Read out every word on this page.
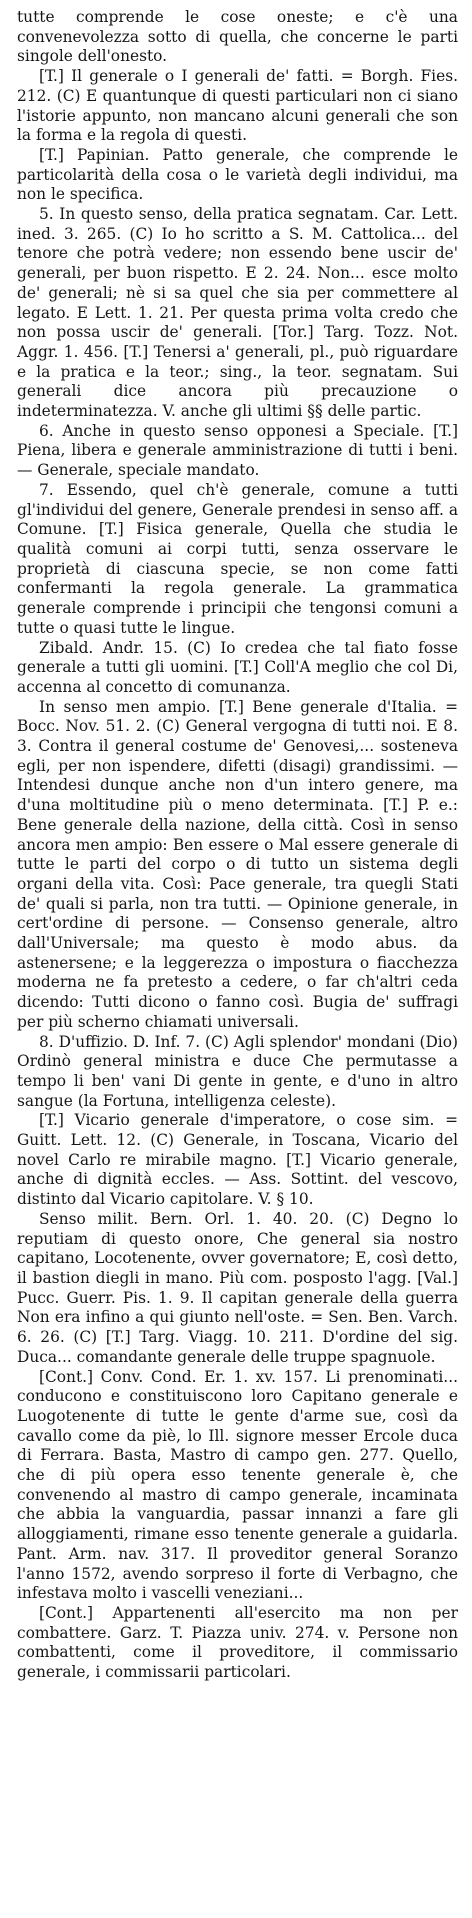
tutte comprende le cose oneste; e c'è una convenevolezza sotto di quella, che concerne le parti singole dell'onesto.

[T.] Il generale o I generali de' fatti. = Borgh. Fies. 212. (C) E quantunque di questi particulari non ci siano l'istorie appunto, non mancano alcuni generali che son la forma e la regola di questi.

[T.] Papinian. Patto generale, che comprende le particolarità della cosa o le varietà degli individui, ma non le specifica.

5. In questo senso, della pratica segnatam. Car. Lett. ined. 3. 265. (C) Io ho scritto a S. M. Cattolica... del tenore che potrà vedere; non essendo bene uscir de' generali, per buon rispetto. E 2. 24. Non... esce molto de' generali; nè si sa quel che sia per commettere al legato. E Lett. 1. 21. Per questa prima volta credo che non possa uscir de' generali. [Tor.] Targ. Tozz. Not. Aggr. 1. 456. [T.] Tenersi a' generali, pl., può riguardare e la pratica e la teor.; sing., la teor. segnatam. Sui generali dice ancora più precauzione o indeterminatezza. V. anche gli ultimi §§ delle partic.

6. Anche in questo senso opponesi a Speciale. [T.] Piena, libera e generale amministrazione di tutti i beni. — Generale, speciale mandato.

7. Essendo, quel ch'è generale, comune a tutti gl'individui del genere, Generale prendesi in senso aff. a Comune. [T.] Fisica generale, Quella che studia le qualità comuni ai corpi tutti, senza osservare le proprietà di ciascuna specie, se non come fatti confermanti la regola generale. La grammatica generale comprende i principii che tengonsi comuni a tutte o quasi tutte le lingue.

Zibald. Andr. 15. (C) Io credea che tal fiato fosse generale a tutti gli uomini. [T.] Coll'A meglio che col Di, accenna al concetto di comunanza.

In senso men ampio. [T.] Bene generale d'Italia. = Bocc. Nov. 51. 2. (C) General vergogna di tutti noi. E 8. 3. Contra il general costume de' Genovesi,... sosteneva egli, per non ispendere, difetti (disagi) grandissimi. — Intendesi dunque anche non d'un intero genere, ma d'una moltitudine più o meno determinata. [T.] P. e.: Bene generale della nazione, della città. Così in senso ancora men ampio: Ben essere o Mal essere generale di tutte le parti del corpo o di tutto un sistema degli organi della vita. Così: Pace generale, tra quegli Stati de' quali si parla, non tra tutti. — Opinione generale, in cert'ordine di persone. — Consenso generale, altro dall'Universale; ma questo è modo abus. da astenersene; e la leggerezza o impostura o fiacchezza moderna ne fa pretesto a cedere, o far ch'altri ceda dicendo: Tutti dicono o fanno così. Bugia de' suffragi per più scherno chiamati universali.

8. D'uffizio. D. Inf. 7. (C) Agli splendor' mondani (Dio) Ordinò general ministra e duce Che permutasse a tempo li ben' vani Di gente in gente, e d'uno in altro sangue (la Fortuna, intelligenza celeste).

[T.] Vicario generale d'imperatore, o cose sim. = Guitt. Lett. 12. (C) Generale, in Toscana, Vicario del novel Carlo re mirabile magno. [T.] Vicario generale, anche di dignità eccles. — Ass. Sottint. del vescovo, distinto dal Vicario capitolare. V. § 10.

Senso milit. Bern. Orl. 1. 40. 20. (C) Degno lo reputiam di questo onore, Che general sia nostro capitano, Locotenente, ovver governatore; E, così detto, il bastion diegli in mano. Più com. posposto l'agg. [Val.] Pucc. Guerr. Pis. 1. 9. Il capitan generale della guerra Non era infino a qui giunto nell'oste. = Sen. Ben. Varch. 6. 26. (C) [T.] Targ. Viagg. 10. 211. D'ordine del sig. Duca... comandante generale delle truppe spagnuole.

[Cont.] Conv. Cond. Er. 1. xv. 157. Li prenominati... conducono e constituiscono loro Capitano generale e Luogotenente di tutte le gente d'arme sue, così da cavallo come da piè, lo Ill. signore messer Ercole duca di Ferrara. Basta, Mastro di campo gen. 277. Quello, che di più opera esso tenente generale è, che convenendo al mastro di campo generale, incaminata che abbia la vanguardia, passar innanzi a fare gli alloggiamenti, rimane esso tenente generale a guidarla. Pant. Arm. nav. 317. Il proveditor general Soranzo l'anno 1572, avendo sorpreso il forte di Verbagno, che infestava molto i vascelli veneziani...

[Cont.] Appartenenti all'esercito ma non per combattere. Garz. T. Piazza univ. 274. v. Persone non combattenti, come il proveditore, il commissario generale, i commissarii particolari.
